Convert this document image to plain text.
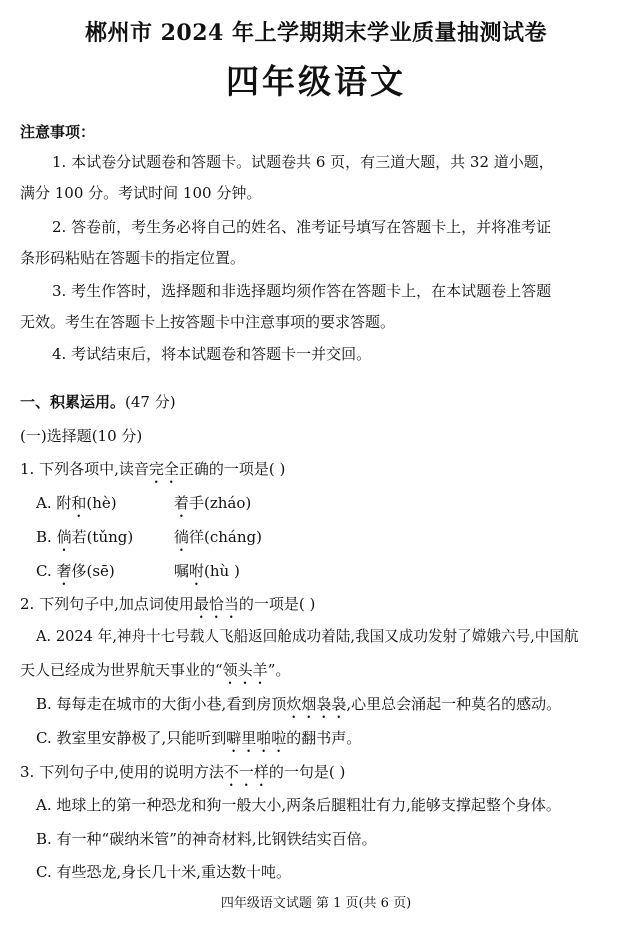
郴州市 2024 年上学期期末学业质量抽测试卷
四年级语文
注意事项：
1. 本试卷分试题卷和答题卡。试题卷共 6 页，有三道大题，共 32 道小题，
满分 100 分。考试时间 100 分钟。
2. 答卷前，考生务必将自己的姓名、准考证号填写在答题卡上，并将准考证
条形码粘贴在答题卡的指定位置。
3. 考生作答时，选择题和非选择题均须作答在答题卡上，在本试题卷上答题
无效。考生在答题卡上按答题卡中注意事项的要求答题。
4. 考试结束后，将本试题卷和答题卡一并交回。
一、积累运用。(47 分)
(一)选择题(10 分)
1. 下列各项中,读音完全正确的一项是( )
A. 附和(hè)	着手(zháo)
B. 倘若(tǔng)	徜徉(cháng)
C. 奢侈(sē)	嘱咐(hù )
2. 下列句子中,加点词使用最恰当的一项是( )
A. 2024 年,神舟十七号载人飞船返回舱成功着陆,我国又成功发射了嫦娥六号,中国航
天人已经成为世界航天事业的“领头羊”。
B. 每每走在城市的大街小巷,看到房顶炊烟袅袅,心里总会涌起一种莫名的感动。
C. 教室里安静极了,只能听到噼里啪啦的翻书声。
3. 下列句子中,使用的说明方法不一样的一句是( )
A. 地球上的第一种恐龙和狗一般大小,两条后腿粗壮有力,能够支撑起整个身体。
B. 有一种“碳纳米管”的神奇材料,比钢铁结实百倍。
C. 有些恐龙,身长几十米,重达数十吨。
四年级语文试题 第 1 页(共 6 页)
